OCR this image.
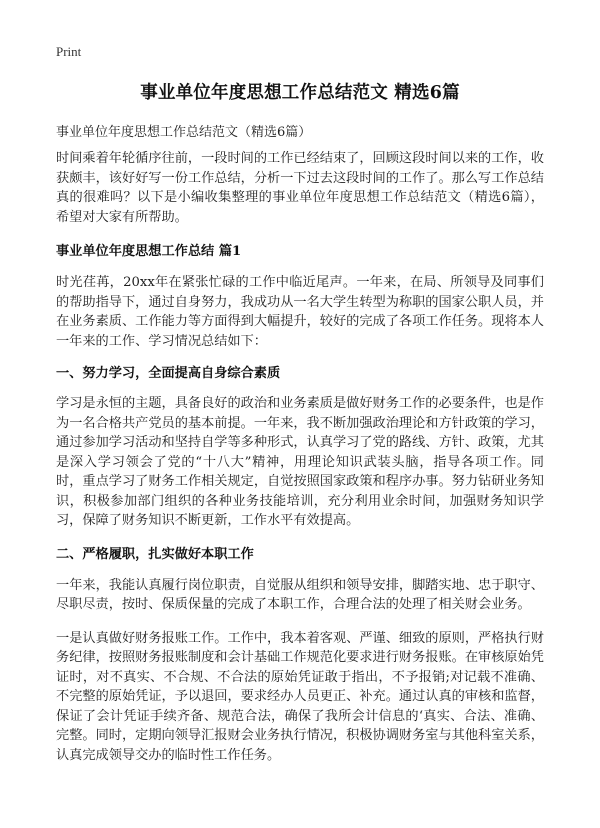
Print
事业单位年度思想工作总结范文 精选6篇
事业单位年度思想工作总结范文（精选6篇）

时间乘着年轮循序往前，一段时间的工作已经结束了，回顾这段时间以来的工作，收获颇丰，该好好写一份工作总结，分析一下过去这段时间的工作了。那么写工作总结真的很难吗？以下是小编收集整理的事业单位年度思想工作总结范文（精选6篇），希望对大家有所帮助。

事业单位年度思想工作总结 篇1

时光荏苒，20xx年在紧张忙碌的工作中临近尾声。一年来，在局、所领导及同事们的帮助指导下，通过自身努力，我成功从一名大学生转型为称职的国家公职人员，并在业务素质、工作能力等方面得到大幅提升，较好的完成了各项工作任务。现将本人一年来的工作、学习情况总结如下：

一、努力学习，全面提高自身综合素质

学习是永恒的主题，具备良好的政治和业务素质是做好财务工作的必要条件，也是作为一名合格共产党员的基本前提。一年来，我不断加强政治理论和方针政策的学习，通过参加学习活动和坚持自学等多种形式，认真学习了党的路线、方针、政策，尤其是深入学习领会了党的“十八大”精神，用理论知识武装头脑，指导各项工作。同时，重点学习了财务工作相关规定，自觉按照国家政策和程序办事。努力钻研业务知识，积极参加部门组织的各种业务技能培训，充分利用业余时间，加强财务知识学习，保障了财务知识不断更新，工作水平有效提高。

二、严格履职，扎实做好本职工作

一年来，我能认真履行岗位职责，自觉服从组织和领导安排，脚踏实地、忠于职守、尽职尽责，按时、保质保量的完成了本职工作，合理合法的处理了相关财会业务。

一是认真做好财务报账工作。工作中，我本着客观、严谨、细致的原则，严格执行财务纪律，按照财务报账制度和会计基础工作规范化要求进行财务报账。在审核原始凭证时，对不真实、不合规、不合法的原始凭证敢于指出，不予报销;对记载不准确、不完整的原始凭证，予以退回，要求经办人员更正、补充。通过认真的审核和监督，保证了会计凭证手续齐备、规范合法，确保了我所会计信息的‘真实、合法、准确、完整。同时，定期向领导汇报财会业务执行情况，积极协调财务室与其他科室关系，认真完成领导交办的临时性工作任务。
